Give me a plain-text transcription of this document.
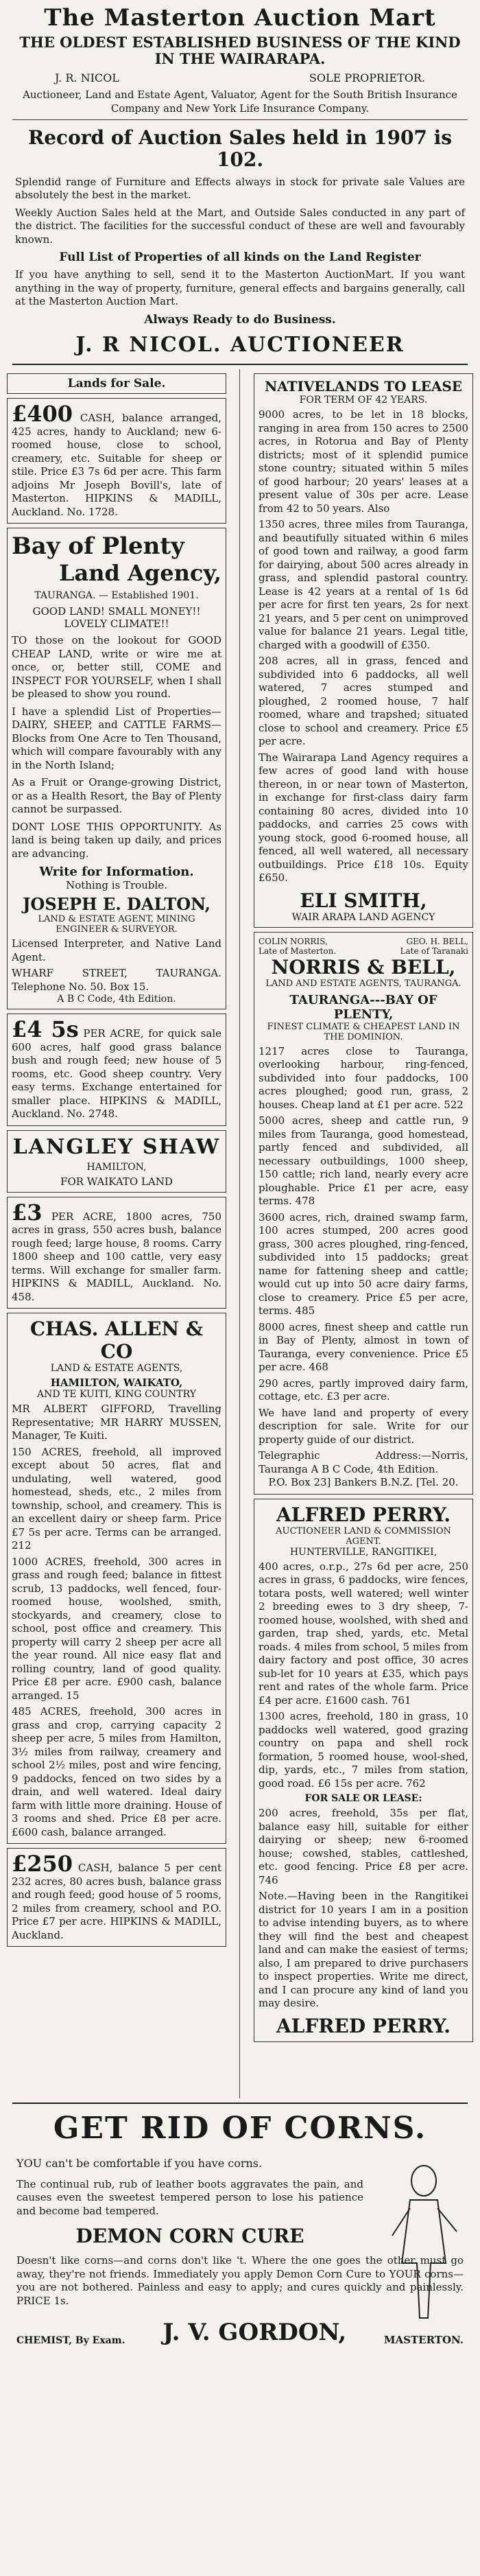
The Masterton Auction Mart
THE OLDEST ESTABLISHED BUSINESS OF THE KIND IN THE WAIRARAPA.
J. R. NICOL	SOLE PROPRIETOR.
Auctioneer, Land and Estate Agent, Valuator, Agent for the South British Insurance Company and New York Life Insurance Company.
Record of Auction Sales held in 1907 is 102.
Splendid range of Furniture and Effects always in stock for private sale Values are absolutely the best in the market.
Weekly Auction Sales held at the Mart, and Outside Sales conducted in any part of the district. The facilities for the successful conduct of these are well and favourably known.
Full List of Properties of all kinds on the Land Register
If you have anything to sell, send it to the Masterton AuctionMart. If you want anything in the way of property, furniture, general effects and bargains generally, call at the Masterton Auction Mart.
Always Ready to do Business.
J. R NICOL. AUCTIONEER
Lands for Sale.
£400 CASH, balance arranged, 425 acres, handy to Auckland; new 6-roomed house, close to school, creamery, etc. Suitable for sheep or stile. Price £3 7s 6d per acre. This farm adjoins Mr Joseph Bovill's, late of Masterton. HIPKINS & MADILL, Auckland. No. 1728.
Bay of Plenty
Land Agency,
TAURANGA. — Established 1901.
GOOD LAND! SMALL MONEY!! LOVELY CLIMATE!!
TO those on the lookout for GOOD CHEAP LAND, write or wire me at once, or, better still, COME and INSPECT FOR YOURSELF, when I shall be pleased to show you round.
I have a splendid List of Properties—DAIRY, SHEEP, and CATTLE FARMS—Blocks from One Acre to Ten Thousand, which will compare favourably with any in the North Island;
As a Fruit or Orange-growing District, or as a Health Resort, the Bay of Plenty cannot be surpassed.
DONT LOSE THIS OPPORTUNITY. As land is being taken up daily, and prices are advancing.
Write for Information.
Nothing is Trouble.
JOSEPH E. DALTON,
LAND & ESTATE AGENT, MINING ENGINEER & SURVEYOR.
Licensed Interpreter, and Native Land Agent.
WHARF STREET, TAURANGA. Telephone No. 50. Box 15.
A B C Code, 4th Edition.
£4 5s PER ACRE, for quick sale 600 acres, half good grass balance bush and rough feed; new house of 5 rooms, etc. Good sheep country. Very easy terms. Exchange entertained for smaller place. HIPKINS & MADILL, Auckland. No. 2748.
LANGLEY SHAW
HAMILTON,
FOR WAIKATO LAND
£3 PER ACRE, 1800 acres, 750 acres in grass, 550 acres bush, balance rough feed; large house, 8 rooms. Carry 1800 sheep and 100 cattle, very easy terms. Will exchange for smaller farm. HIPKINS & MADILL, Auckland. No. 458.
CHAS. ALLEN & CO
LAND & ESTATE AGENTS,
HAMILTON, WAIKATO,
AND TE KUITI, KING COUNTRY
MR ALBERT GIFFORD, Travelling Representative; MR HARRY MUSSEN, Manager, Te Kuiti.
150 ACRES, freehold, all improved except about 50 acres, flat and undulating, well watered, good homestead, sheds, etc., 2 miles from township, school, and creamery. This is an excellent dairy or sheep farm. Price £7 5s per acre. Terms can be arranged. 212
1000 ACRES, freehold, 300 acres in grass and rough feed; balance in fittest scrub, 13 paddocks, well fenced, four-roomed house, woolshed, smith, stockyards, and creamery, close to school, post office and creamery. This property will carry 2 sheep per acre all the year round. All nice easy flat and rolling country, land of good quality. Price £8 per acre. £900 cash, balance arranged. 15
485 ACRES, freehold, 300 acres in grass and crop, carrying capacity 2 sheep per acre, 5 miles from Hamilton, 3½ miles from railway, creamery and school 2½ miles, post and wire fencing, 9 paddocks, fenced on two sides by a drain, and well watered. Ideal dairy farm with little more draining. House of 3 rooms and shed. Price £8 per acre. £600 cash, balance arranged.
£250 CASH, balance 5 per cent 232 acres, 80 acres bush, balance grass and rough feed; good house of 5 rooms, 2 miles from creamery, school and P.O. Price £7 per acre. HIPKINS & MADILL, Auckland.
NATIVELANDS TO LEASE
FOR TERM OF 42 YEARS.
9000 acres, to be let in 18 blocks, ranging in area from 150 acres to 2500 acres, in Rotorua and Bay of Plenty districts; most of it splendid pumice stone country; situated within 5 miles of good harbour; 20 years' leases at a present value of 30s per acre. Lease from 42 to 50 years. Also
1350 acres, three miles from Tauranga, and beautifully situated within 6 miles of good town and railway, a good farm for dairying, about 500 acres already in grass, and splendid pastoral country. Lease is 42 years at a rental of 1s 6d per acre for first ten years, 2s for next 21 years, and 5 per cent on unimproved value for balance 21 years. Legal title, charged with a goodwill of £350.
208 acres, all in grass, fenced and subdivided into 6 paddocks, all well watered, 7 acres stumped and ploughed, 2 roomed house, 7 half roomed, whare and trapshed; situated close to school and creamery. Price £5 per acre.
The Wairarapa Land Agency requires a few acres of good land with house thereon, in or near town of Masterton, in exchange for first-class dairy farm containing 80 acres, divided into 10 paddocks, and carries 25 cows with young stock, good 6-roomed house, all fenced, all well watered, all necessary outbuildings. Price £18 10s. Equity £650.
ELI SMITH,
WAIR ARAPA LAND AGENCY
COLIN NORRIS,	GEO. H. BELL,
Late of Masterton.	Late of Taranaki
NORRIS & BELL,
LAND AND ESTATE AGENTS, TAURANGA.
TAURANGA---BAY OF PLENTY,
FINEST CLIMATE & CHEAPEST LAND IN THE DOMINION.
1217 acres close to Tauranga, overlooking harbour, ring-fenced, subdivided into four paddocks, 100 acres ploughed; good run, grass, 2 houses. Cheap land at £1 per acre. 522
5000 acres, sheep and cattle run, 9 miles from Tauranga, good homestead, partly fenced and subdivided, all necessary outbuildings, 1000 sheep, 150 cattle; rich land, nearly every acre ploughable. Price £1 per acre, easy terms. 478
3600 acres, rich, drained swamp farm, 100 acres stumped, 200 acres good grass, 300 acres ploughed, ring-fenced, subdivided into 15 paddocks; great name for fattening sheep and cattle; would cut up into 50 acre dairy farms, close to creamery. Price £5 per acre, terms. 485
8000 acres, finest sheep and cattle run in Bay of Plenty, almost in town of Tauranga, every convenience. Price £5 per acre. 468
290 acres, partly improved dairy farm, cottage, etc. £3 per acre.
We have land and property of every description for sale. Write for our property guide of our district.
Telegraphic Address:—Norris, Tauranga A B C Code, 4th Edition.
P.O. Box 23] Bankers B.N.Z. [Tel. 20.
ALFRED PERRY.
AUCTIONEER LAND & COMMISSION AGENT.
HUNTERVILLE, RANGITIKEI,
400 acres, o.r.p., 27s 6d per acre, 250 acres in grass, 6 paddocks, wire fences, totara posts, well watered; well winter 2 breeding ewes to 3 dry sheep, 7-roomed house, woolshed, with shed and garden, trap shed, yards, etc. Metal roads. 4 miles from school, 5 miles from dairy factory and post office, 30 acres sub-let for 10 years at £35, which pays rent and rates of the whole farm. Price £4 per acre. £1600 cash. 761
1300 acres, freehold, 180 in grass, 10 paddocks well watered, good grazing country on papa and shell rock formation, 5 roomed house, wool-shed, dip, yards, etc., 7 miles from station, good road. £6 15s per acre. 762
FOR SALE OR LEASE:
200 acres, freehold, 35s per flat, balance easy hill, suitable for either dairying or sheep; new 6-roomed house; cowshed, stables, cattleshed, etc. good fencing. Price £8 per acre. 746
Note.—Having been in the Rangitikei district for 10 years I am in a position to advise intending buyers, as to where they will find the best and cheapest land and can make the easiest of terms; also, I am prepared to drive purchasers to inspect properties. Write me direct, and I can procure any kind of land you may desire.
ALFRED PERRY.
GET RID OF CORNS.
YOU can't be comfortable if you have corns.
The continual rub, rub of leather boots aggravates the pain, and causes even the sweetest tempered person to lose his patience and become bad tempered.
DEMON CORN CURE
Doesn't like corns—and corns don't like 't. Where the one goes the other must go away, they're not friends. Immediately you apply Demon Corn Cure to YOUR corns—you are not bothered. Painless and easy to apply; and cures quickly and painlessly. PRICE 1s.
CHEMIST, By Exam. J. V. GORDON,	MASTERTON.
